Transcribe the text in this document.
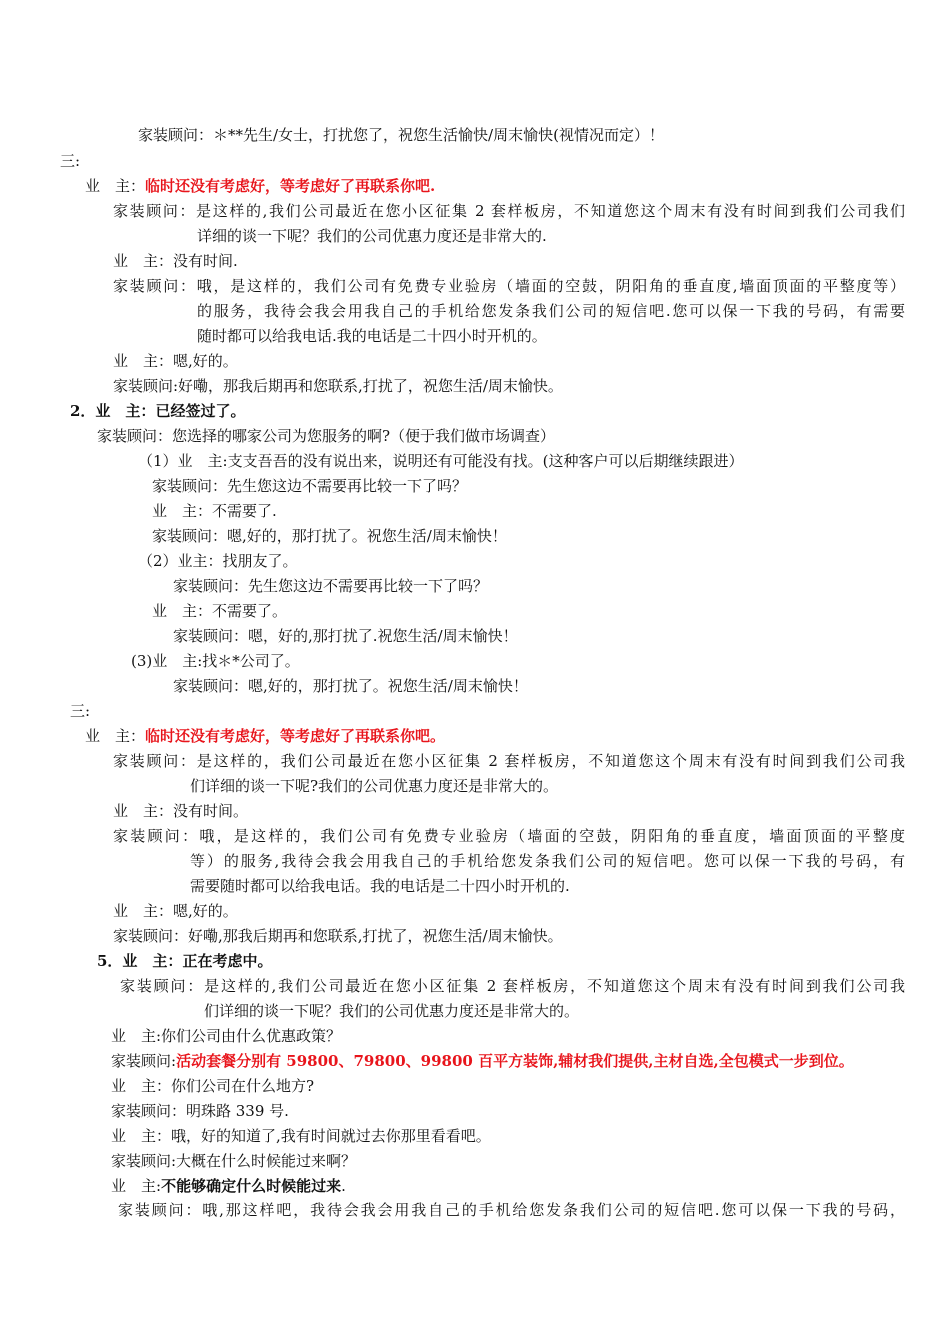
家装顾问：＊**先生/女士，打扰您了，祝您生活愉快/周末愉快(视情况而定）！
三:
业　主：临时还没有考虑好，等考虑好了再联系你吧.
家装顾问：是这样的,我们公司最近在您小区征集 2 套样板房，不知道您这个周末有没有时间到我们公司我们
详细的谈一下呢？我们的公司优惠力度还是非常大的.
业　主：没有时间.
家装顾问：哦，是这样的，我们公司有免费专业验房（墙面的空鼓，阴阳角的垂直度,墙面顶面的平整度等）
的服务，我待会我会用我自己的手机给您发条我们公司的短信吧.您可以保一下我的号码，有需要
随时都可以给我电话.我的电话是二十四小时开机的。
业　主：嗯,好的。
家装顾问:好嘞，那我后期再和您联系,打扰了，祝您生活/周末愉快。
2．业　主：已经签过了。
家装顾问：您选择的哪家公司为您服务的啊?（便于我们做市场调查）
（1）业　主:支支吾吾的没有说出来，说明还有可能没有找。(这种客户可以后期继续跟进）
家装顾问：先生您这边不需要再比较一下了吗？
业　主：不需要了.
家装顾问：嗯,好的，那打扰了。祝您生活/周末愉快！
（2）业主：找朋友了。
家装顾问：先生您这边不需要再比较一下了吗？
业　主：不需要了。
家装顾问：嗯，好的,那打扰了.祝您生活/周末愉快！
(3)业　主:找＊*公司了。
家装顾问：嗯,好的，那打扰了。祝您生活/周末愉快！
三:
业　主：临时还没有考虑好，等考虑好了再联系你吧。
家装顾问：是这样的，我们公司最近在您小区征集 2 套样板房，不知道您这个周末有没有时间到我们公司我
们详细的谈一下呢?我们的公司优惠力度还是非常大的。
业　主：没有时间。
家装顾问：哦，是这样的，我们公司有免费专业验房（墙面的空鼓，阴阳角的垂直度，墙面顶面的平整度
等）的服务,我待会我会用我自己的手机给您发条我们公司的短信吧。您可以保一下我的号码，有
需要随时都可以给我电话。我的电话是二十四小时开机的.
业　主：嗯,好的。
家装顾问：好嘞,那我后期再和您联系,打扰了，祝您生活/周末愉快。
5．业　主：正在考虑中。
家装顾问：是这样的,我们公司最近在您小区征集 2 套样板房，不知道您这个周末有没有时间到我们公司我
们详细的谈一下呢？我们的公司优惠力度还是非常大的。
业　主:你们公司由什么优惠政策？
家装顾问:活动套餐分别有 59800、79800、99800 百平方装饰,辅材我们提供,主材自选,全包模式一步到位。
业　主：你们公司在什么地方?
家装顾问：明珠路 339 号.
业　主：哦，好的知道了,我有时间就过去你那里看看吧。
家装顾问:大概在什么时候能过来啊？
业　主:不能够确定什么时候能过来.
家装顾问：哦,那这样吧，我待会我会用我自己的手机给您发条我们公司的短信吧.您可以保一下我的号码，
